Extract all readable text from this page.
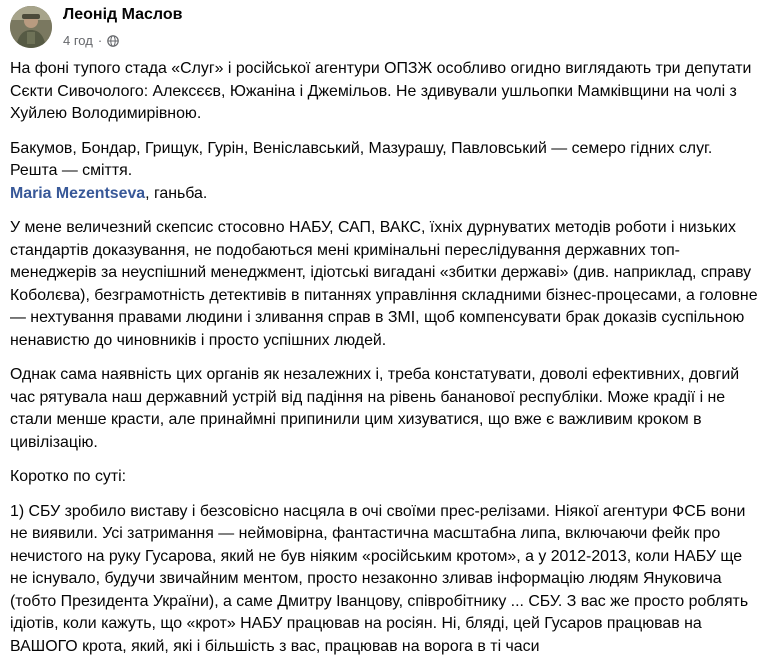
Леонід Маслов
4 год ·

На фоні тупого стада «Слуг» і російської агентури ОПЗЖ особливо огидно виглядають три депутати Сєкти Сивочолого: Алексєєв, Южаніна і Джемільов. Не здивували ушльопки Мамківщини на чолі з Хуйлею Володимирівною.

Бакумов, Бондар, Грищук, Гурін, Веніславський, Мазурашу, Павловський — семеро гідних слуг.
Решта — сміття.

Maria Mezentseva, ганьба.

У мене величезний скепсис стосовно НАБУ, САП, ВАКС, їхніх дурнуватих методів роботи і низьких стандартів доказування, не подобаються мені кримінальні переслідування державних топ-менеджерів за неуспішний менеджмент, ідіотські вигадані «збитки державі» (див. наприклад, справу Коболєва), безграмотність детективів в питаннях управління складними бізнес-процесами, а головне — нехтування правами людини і зливання справ в ЗМІ, щоб компенсувати брак доказів суспільною ненавистю до чиновників і просто успішних людей.

Однак сама наявність цих органів як незалежних і, треба констатувати, доволі ефективних, довгий час рятувала наш державний устрій від падіння на рівень бананової республіки. Може крадії і не стали менше красти, але принаймні припинили цим хизуватися, що вже є важливим кроком в цивілізацію.

Коротко по суті:

1) СБУ зробило виставу і безсовісно насцяла в очі своїми прес-релізами. Ніякої агентури ФСБ вони не виявили. Усі затримання — неймовірна, фантастична масштабна липа, включаючи фейк про нечистого на руку Гусарова, який не був ніяким «російським кротом», а у 2012-2013, коли НАБУ ще не існувало, будучи звичайним ментом, просто незаконно зливав інформацію людям Януковича (тобто Президента України), а саме Дмитру Іванцову, співробітнику ... СБУ. З вас же просто роблять ідіотів, коли кажуть, що «крот» НАБУ працював на росіян. Ні, бляді, цей Гусаров працював на ВАШОГО крота, який, які і більшість з вас, працював на ворога в ті часи
